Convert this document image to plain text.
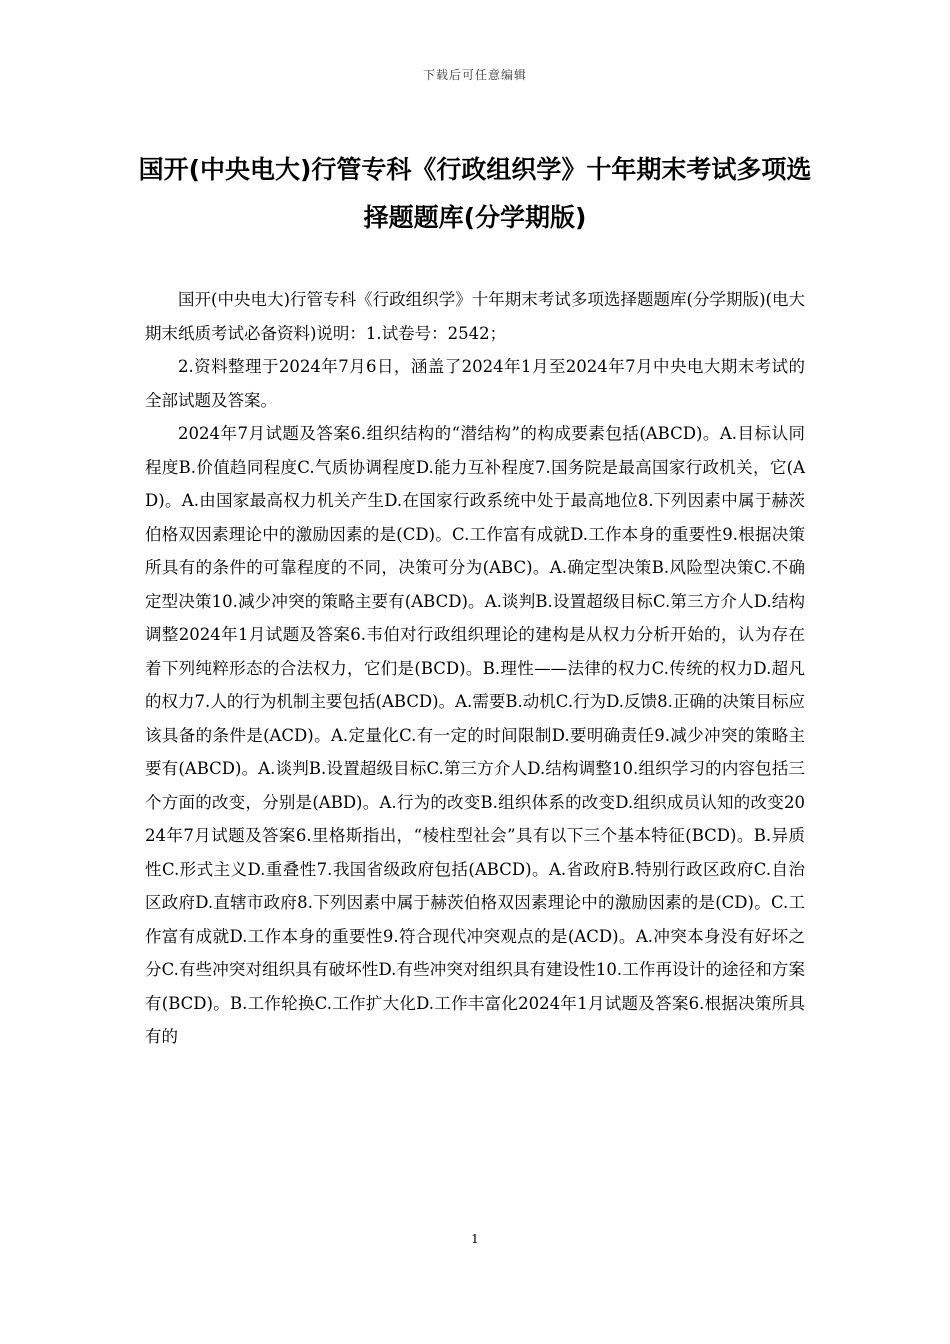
下载后可任意编辑
国开(中央电大)行管专科《行政组织学》十年期末考试多项选择题题库(分学期版)

国开(中央电大)行管专科《行政组织学》十年期末考试多项选择题题库(分学期版)(电大期末纸质考试必备资料)说明：1.试卷号：2542；

2.资料整理于2024年7月6日，涵盖了2024年1月至2024年7月中央电大期末考试的全部试题及答案。

2024年7月试题及答案6.组织结构的“潜结构”的构成要素包括(ABCD)。A.目标认同程度B.价值趋同程度C.气质协调程度D.能力互补程度7.国务院是最高国家行政机关，它(AD)。A.由国家最高权力机关产生D.在国家行政系统中处于最高地位8.下列因素中属于赫茨伯格双因素理论中的激励因素的是(CD)。C.工作富有成就D.工作本身的重要性9.根据决策所具有的条件的可靠程度的不同，决策可分为(ABC)。A.确定型决策B.风险型决策C.不确定型决策10.减少冲突的策略主要有(ABCD)。A.谈判B.设置超级目标C.第三方介人D.结构调整2024年1月试题及答案6.韦伯对行政组织理论的建构是从权力分析开始的，认为存在着下列纯粹形态的合法权力，它们是(BCD)。B.理性——法律的权力C.传统的权力D.超凡的权力7.人的行为机制主要包括(ABCD)。A.需要B.动机C.行为D.反馈8.正确的决策目标应该具备的条件是(ACD)。A.定量化C.有一定的时间限制D.要明确责任9.减少冲突的策略主要有(ABCD)。A.谈判B.设置超级目标C.第三方介人D.结构调整10.组织学习的内容包括三个方面的改变，分别是(ABD)。A.行为的改变B.组织体系的改变D.组织成员认知的改变2024年7月试题及答案6.里格斯指出，“棱柱型社会”具有以下三个基本特征(BCD)。B.异质性C.形式主义D.重叠性7.我国省级政府包括(ABCD)。A.省政府B.特别行政区政府C.自治区政府D.直辖市政府8.下列因素中属于赫茨伯格双因素理论中的激励因素的是(CD)。C.工作富有成就D.工作本身的重要性9.符合现代冲突观点的是(ACD)。A.冲突本身没有好坏之分C.有些冲突对组织具有破坏性D.有些冲突对组织具有建设性10.工作再设计的途径和方案有(BCD)。B.工作轮换C.工作扩大化D.工作丰富化2024年1月试题及答案6.根据决策所具有的

1
